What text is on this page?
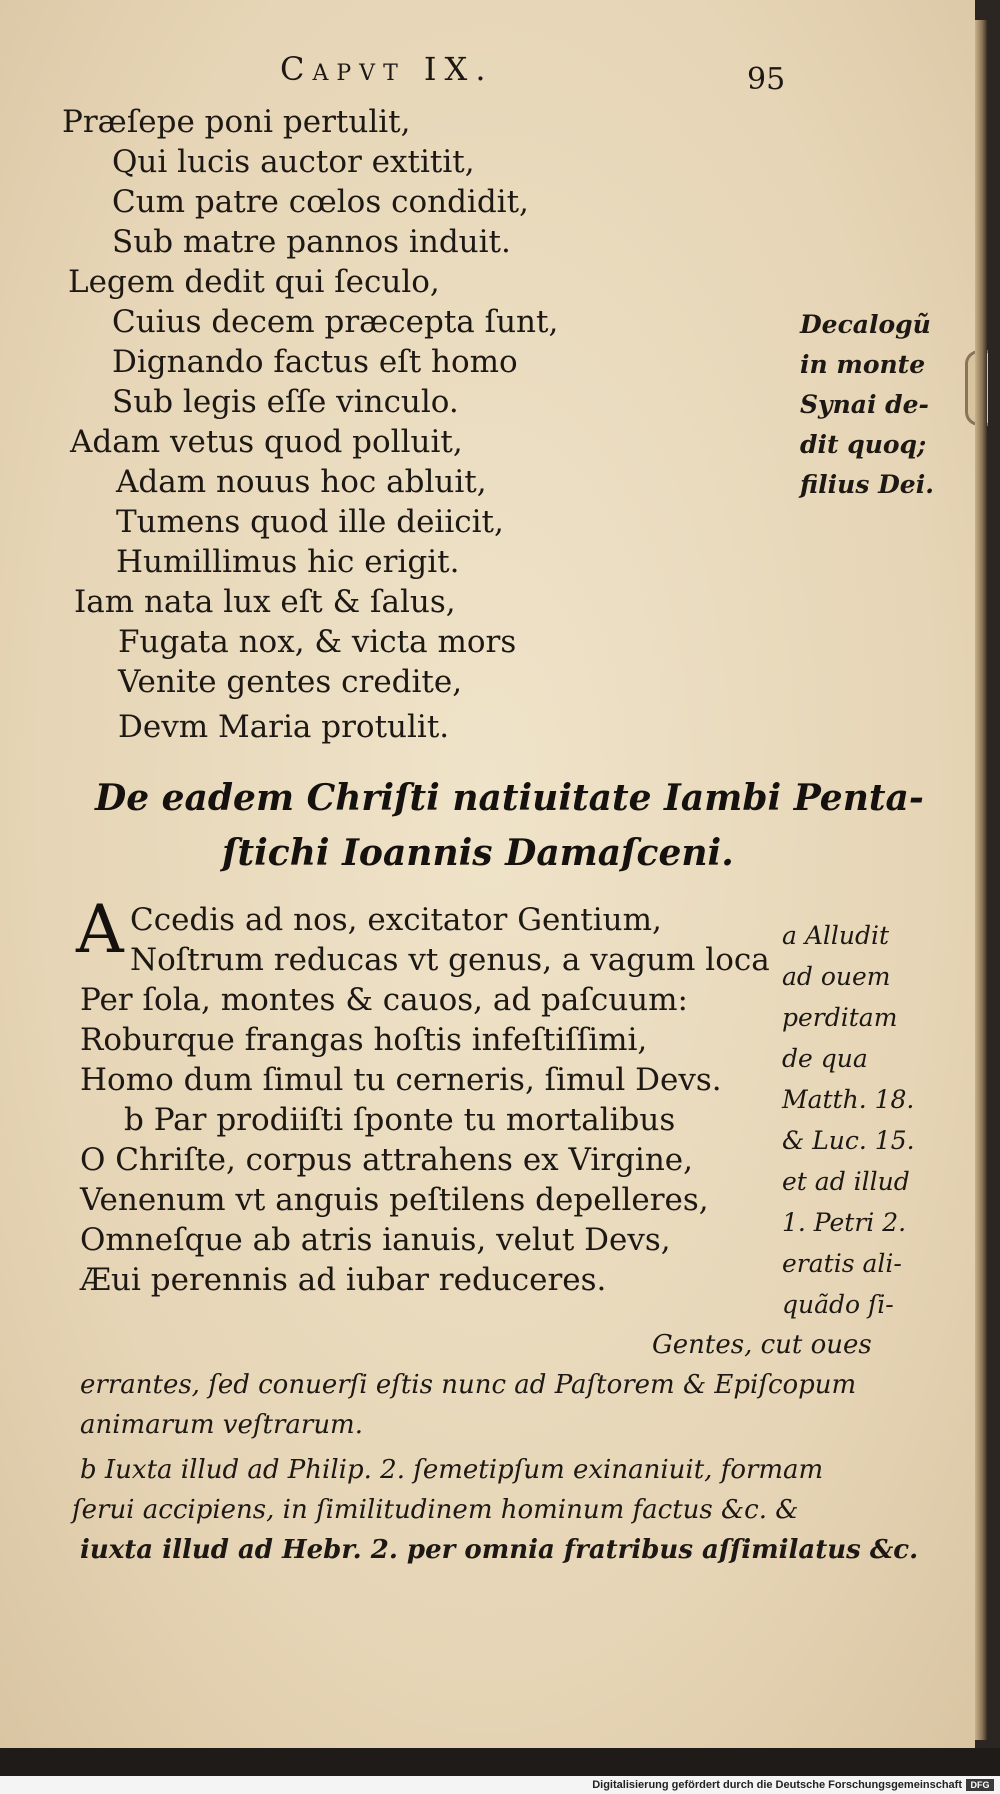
Capvt IX.	95
Præſepe poni pertulit,
Qui lucis auctor extitit,
Cum patre cœlos condidit,
Sub matre pannos induit.
Legem dedit qui ſeculo,
Cuius decem præcepta ſunt,
Dignando factus eſt homo
Sub legis eſſe vinculo.
Adam vetus quod polluit,
Adam nouus hoc abluit,
Tumens quod ille deiicit,
Humillimus hic erigit.
Iam nata lux eſt & ſalus,
Fugata nox, & victa mors
Venite gentes credite,
Devm Maria protulit.
Decalogũ
in monte
Synai de-
dit quoq;
filius Dei.
De eadem Chriſti natiuitate Iambi Penta-
ſtichi Ioannis Damaſceni.
A Ccedis ad nos, excitator Gentium,
Noſtrum reducas vt genus, a vagum loca
Per ſola, montes & cauos, ad paſcuum:
Roburque frangas hoſtis infeſtiſſimi,
Homo dum ſimul tu cerneris, ſimul Devs.
b Par prodiiſti ſponte tu mortalibus
O Chriſte, corpus attrahens ex Virgine,
Venenum vt anguis peſtilens depelleres,
Omneſque ab atris ianuis, velut Devs,
Æui perennis ad iubar reduceres.
a Alludit
ad ouem
perditam
de qua
Matth. 18.
& Luc. 15.
et ad illud
1. Petri 2.
eratis ali-
quãdo ſi-
Gentes, cut oues
errantes, ſed conuerſi eſtis nunc ad Paſtorem & Epiſcopum
animarum veſtrarum.
b Iuxta illud ad Philip. 2. ſemetipſum exinaniuit, formam
ſerui accipiens, in ſimilitudinem hominum factus &c. &
iuxta illud ad Hebr. 2. per omnia fratribus aſſimilatus &c.
Digitalisierung gefördert durch die Deutsche Forschungsgemeinschaft DFG
